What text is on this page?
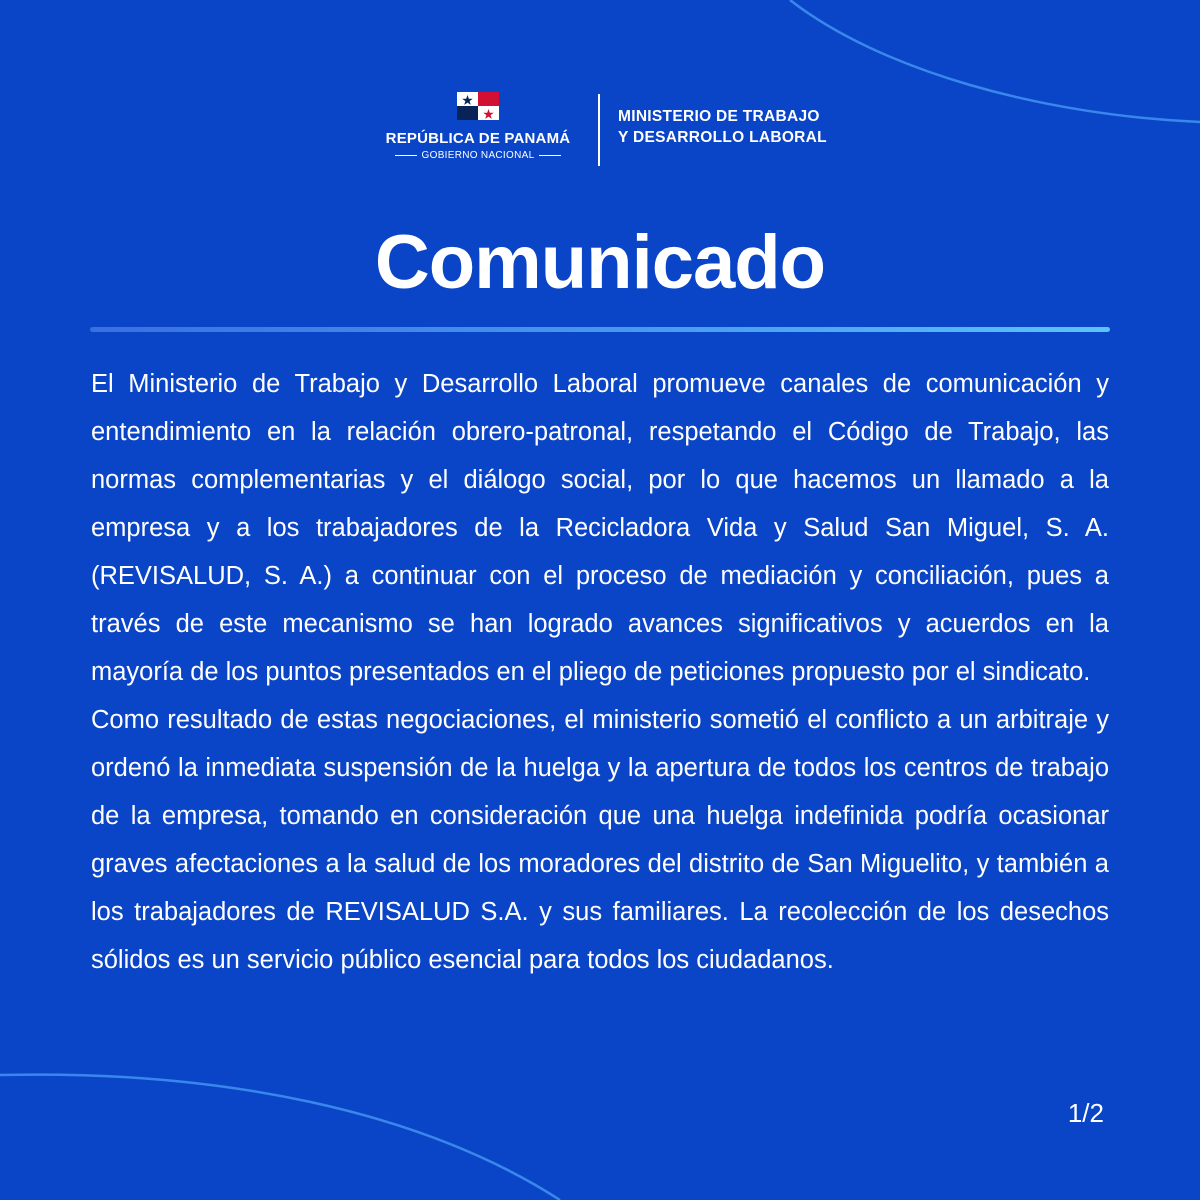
REPÚBLICA DE PANAMÁ
GOBIERNO NACIONAL
MINISTERIO DE TRABAJO
Y DESARROLLO LABORAL
Comunicado

El Ministerio de Trabajo y Desarrollo Laboral promueve canales de comunicación y entendimiento en la relación obrero-patronal, respetando el Código de Trabajo, las normas complementarias y el diálogo social, por lo que hacemos un llamado a la empresa y a los trabajadores de la Recicladora Vida y Salud San Miguel, S. A. (REVISALUD, S. A.) a continuar con el proceso de mediación y conciliación, pues a través de este mecanismo se han logrado avances significativos y acuerdos en la mayoría de los puntos presentados en el pliego de peticiones propuesto por el sindicato.

Como resultado de estas negociaciones, el ministerio sometió el conflicto a un arbitraje y ordenó la inmediata suspensión de la huelga y la apertura de todos los centros de trabajo de la empresa, tomando en consideración que una huelga indefinida podría ocasionar graves afectaciones a la salud de los moradores del distrito de San Miguelito, y también a los trabajadores de REVISALUD S.A. y sus familiares. La recolección de los desechos sólidos es un servicio público esencial para todos los ciudadanos.

1/2
